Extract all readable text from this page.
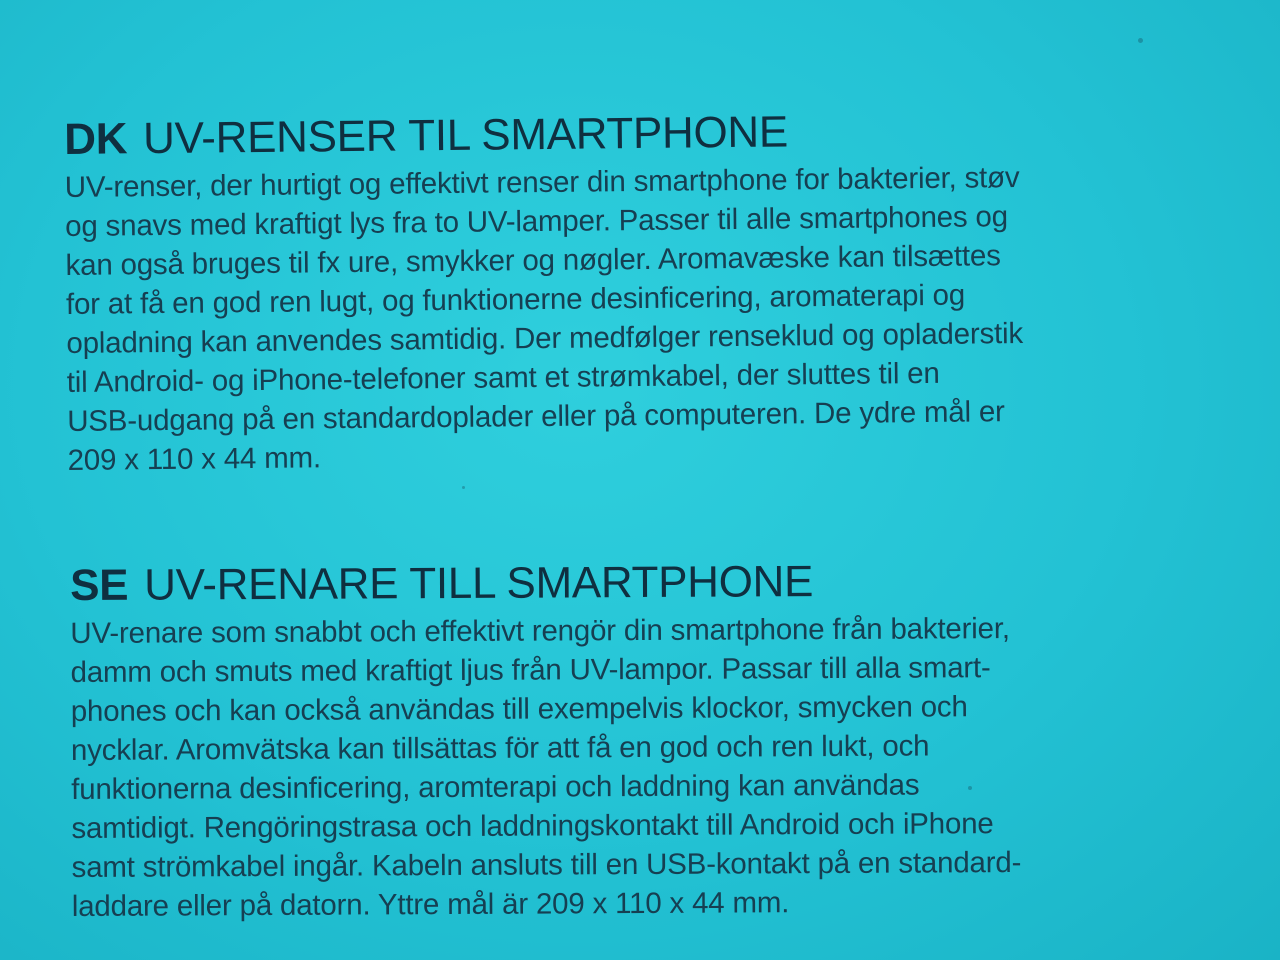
DK UV-RENSER TIL SMARTPHONE
UV-renser, der hurtigt og effektivt renser din smartphone for bakterier, støv
og snavs med kraftigt lys fra to UV-lamper. Passer til alle smartphones og
kan også bruges til fx ure, smykker og nøgler. Aromavæske kan tilsættes
for at få en god ren lugt, og funktionerne desinficering, aromaterapi og
opladning kan anvendes samtidig. Der medfølger renseklud og opladerstik
til Android- og iPhone-telefoner samt et strømkabel, der sluttes til en
USB-udgang på en standardoplader eller på computeren. De ydre mål er
209 x 110 x 44 mm.
SE UV-RENARE TILL SMARTPHONE
UV-renare som snabbt och effektivt rengör din smartphone från bakterier,
damm och smuts med kraftigt ljus från UV-lampor. Passar till alla smart-
phones och kan också användas till exempelvis klockor, smycken och
nycklar. Aromvätska kan tillsättas för att få en god och ren lukt, och
funktionerna desinficering, aromterapi och laddning kan användas
samtidigt. Rengöringstrasa och laddningskontakt till Android och iPhone
samt strömkabel ingår. Kabeln ansluts till en USB-kontakt på en standard-
laddare eller på datorn. Yttre mål är 209 x 110 x 44 mm.
